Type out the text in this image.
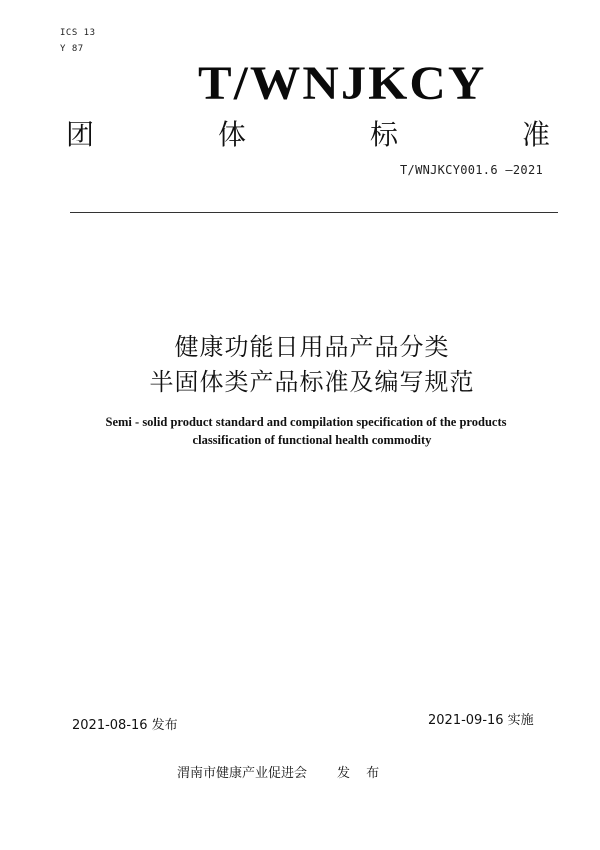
ICS 13
Y 87
T/WNJKCY
团	体	标	准
T/WNJKCY001.6 —2021
健康功能日用品产品分类
半固体类产品标准及编写规范
Semi - solid product standard and compilation specification of the products
classification of functional health commodity
2021-08-16 发布	2021-09-16 实施
渭南市健康产业促进会 发 布
